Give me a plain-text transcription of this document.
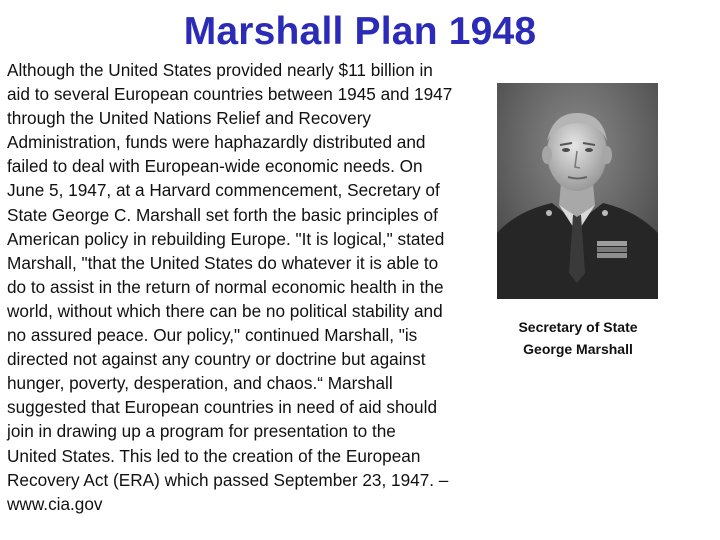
Marshall Plan 1948
Although the United States provided nearly $11 billion in
aid to several European countries between 1945 and 1947
through the United Nations Relief and Recovery
Administration, funds were haphazardly distributed and
failed to deal with European-wide economic needs. On
June 5, 1947, at a Harvard commencement, Secretary of
State George C. Marshall set forth the basic principles of
American policy in rebuilding Europe. "It is logical," stated
Marshall, "that the United States do whatever it is able to
do to assist in the return of normal economic health in the
world, without which there can be no political stability and
no assured peace. Our policy," continued Marshall, "is
directed not against any country or doctrine but against
hunger, poverty, desperation, and chaos.“ Marshall
suggested that European countries in need of aid should
join in drawing up a program for presentation to the
United States. This led to the creation of the European
Recovery Act (ERA) which passed September 23, 1947. –
www.cia.gov
Secretary of State
George Marshall
